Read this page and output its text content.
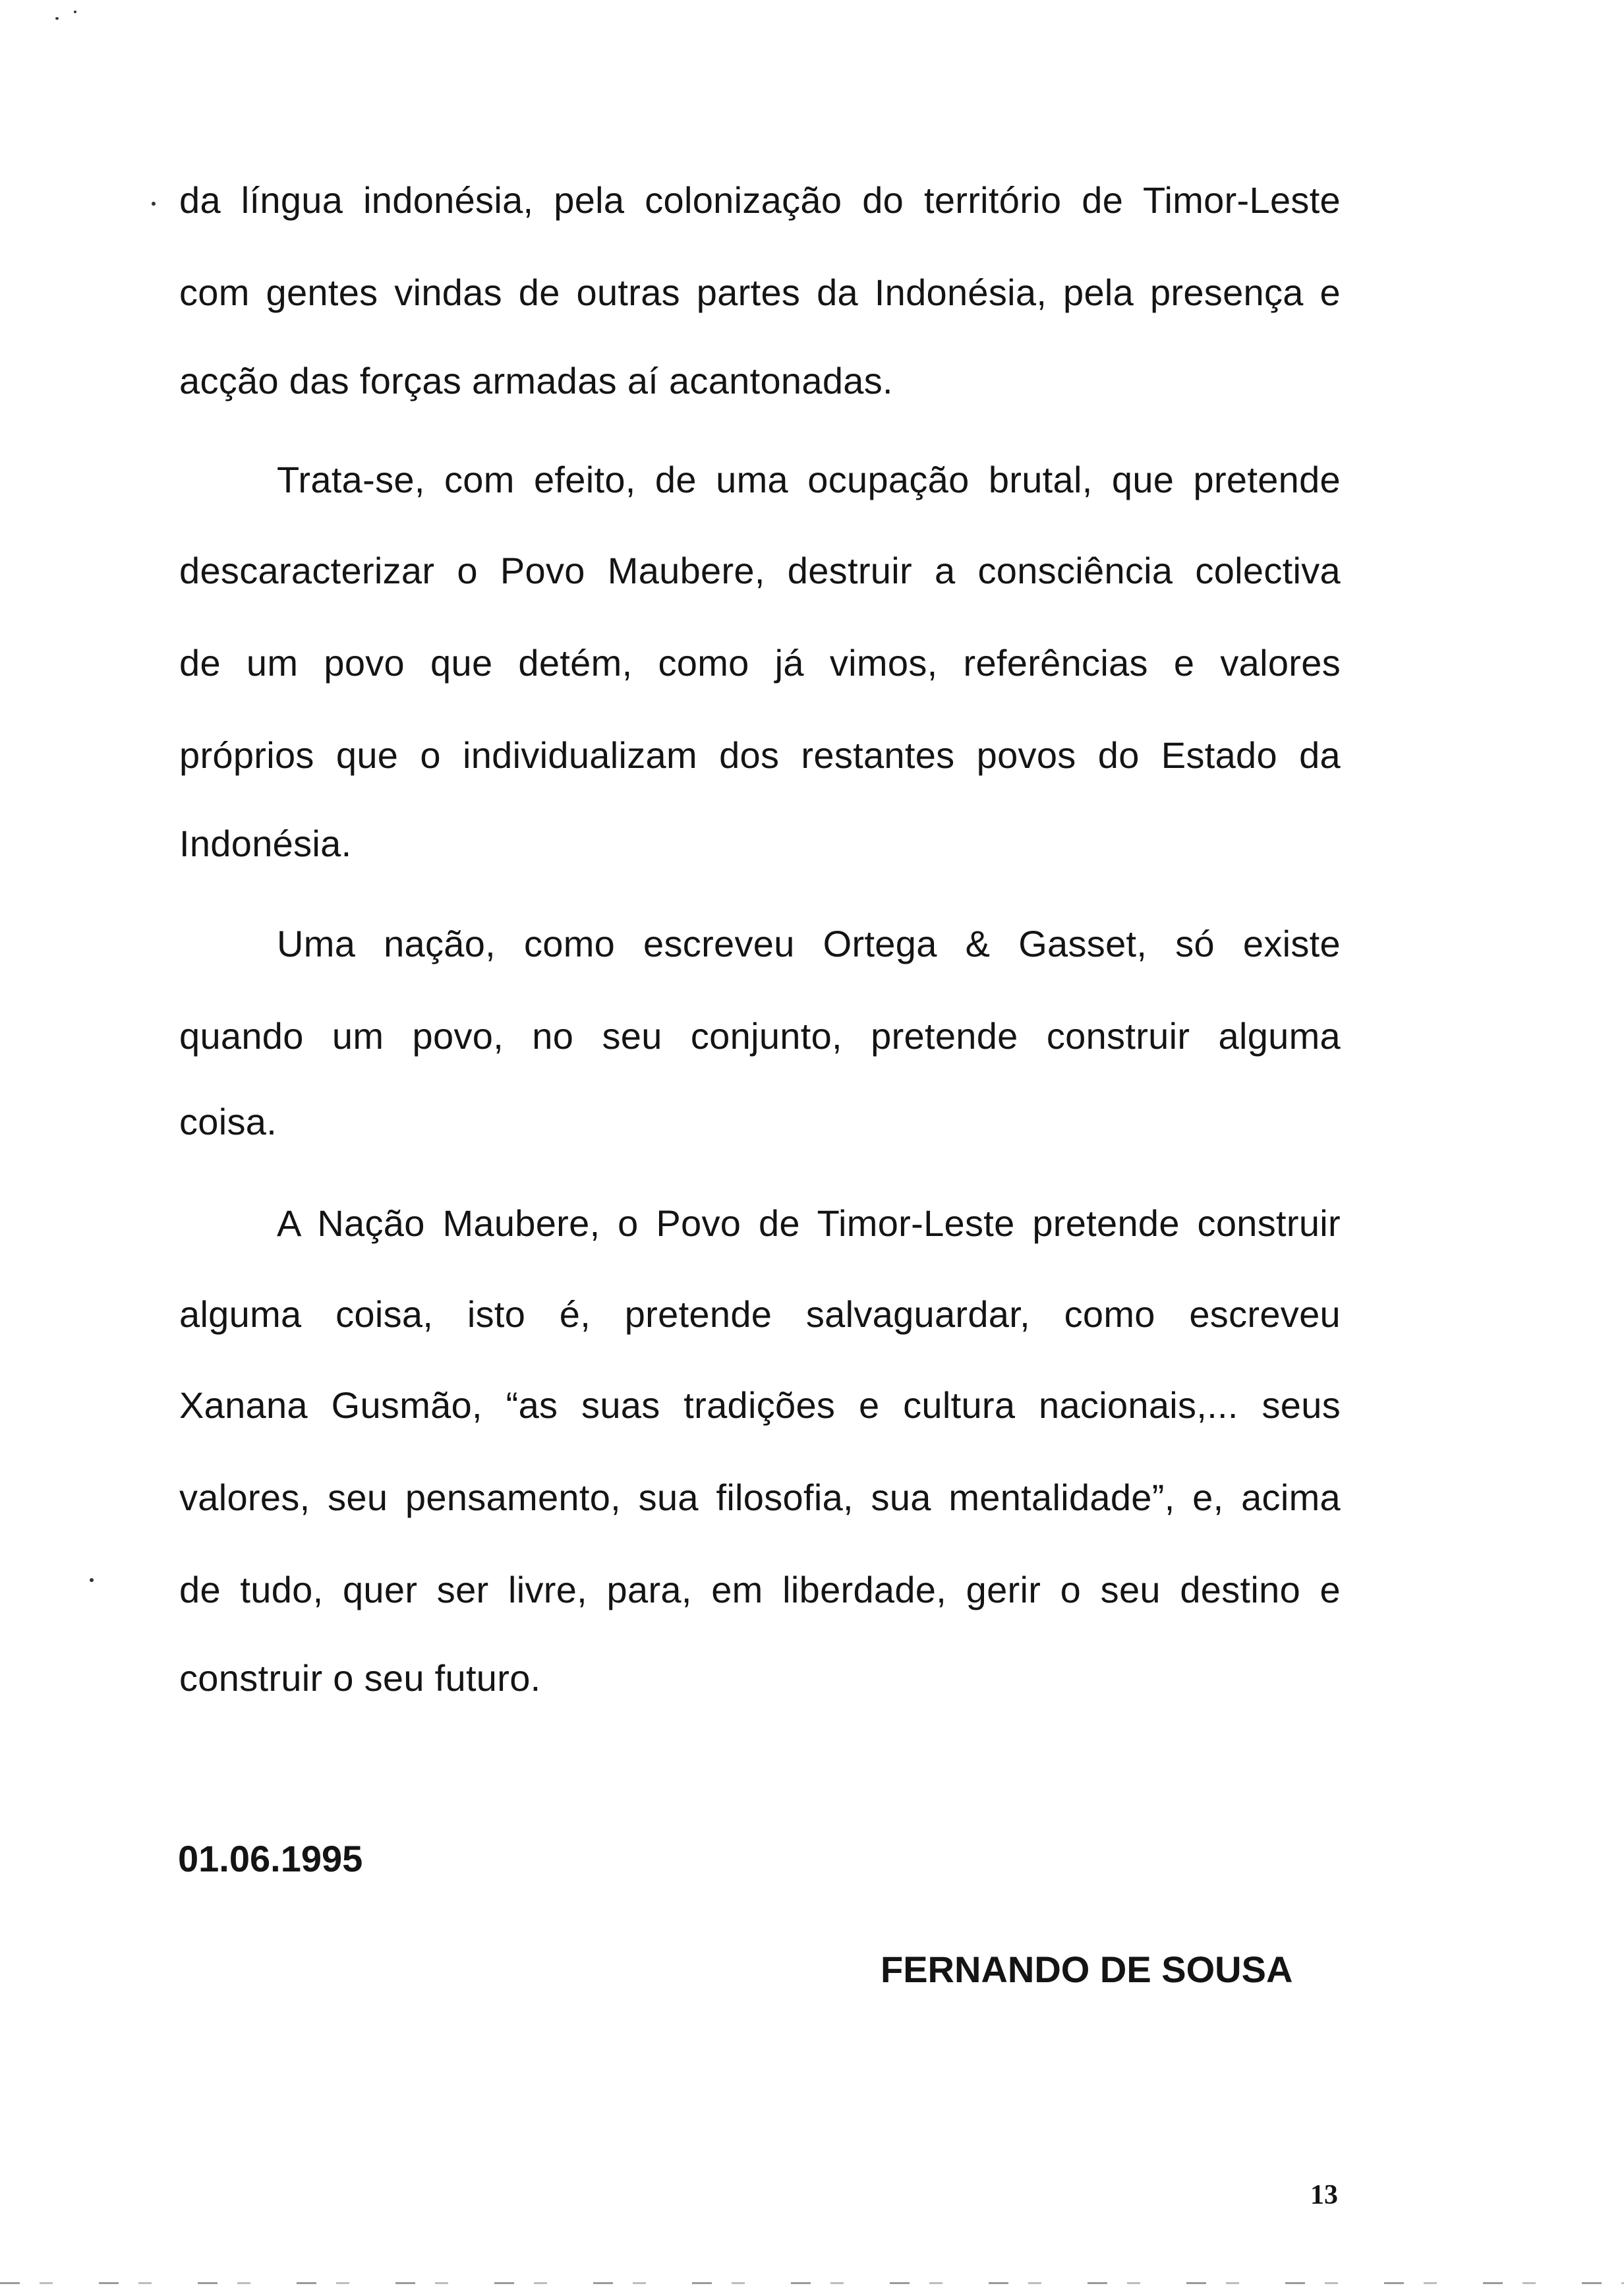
da língua indonésia, pela colonização do território de Timor-Leste
com gentes vindas de outras partes da Indonésia, pela presença e
acção das forças armadas aí acantonadas.
Trata-se, com efeito, de uma ocupação brutal, que pretende
descaracterizar o Povo Maubere, destruir a consciência colectiva
de um povo que detém, como já vimos, referências e valores
próprios que o individualizam dos restantes povos do Estado da
Indonésia.
Uma nação, como escreveu Ortega & Gasset, só existe
quando um povo, no seu conjunto, pretende construir alguma
coisa.
A Nação Maubere, o Povo de Timor-Leste pretende construir
alguma coisa, isto é, pretende salvaguardar, como escreveu
Xanana Gusmão, “as suas tradições e cultura nacionais,... seus
valores, seu pensamento, sua filosofia, sua mentalidade”, e, acima
de tudo, quer ser livre, para, em liberdade, gerir o seu destino e
construir o seu futuro.
01.06.1995
FERNANDO DE SOUSA
13
